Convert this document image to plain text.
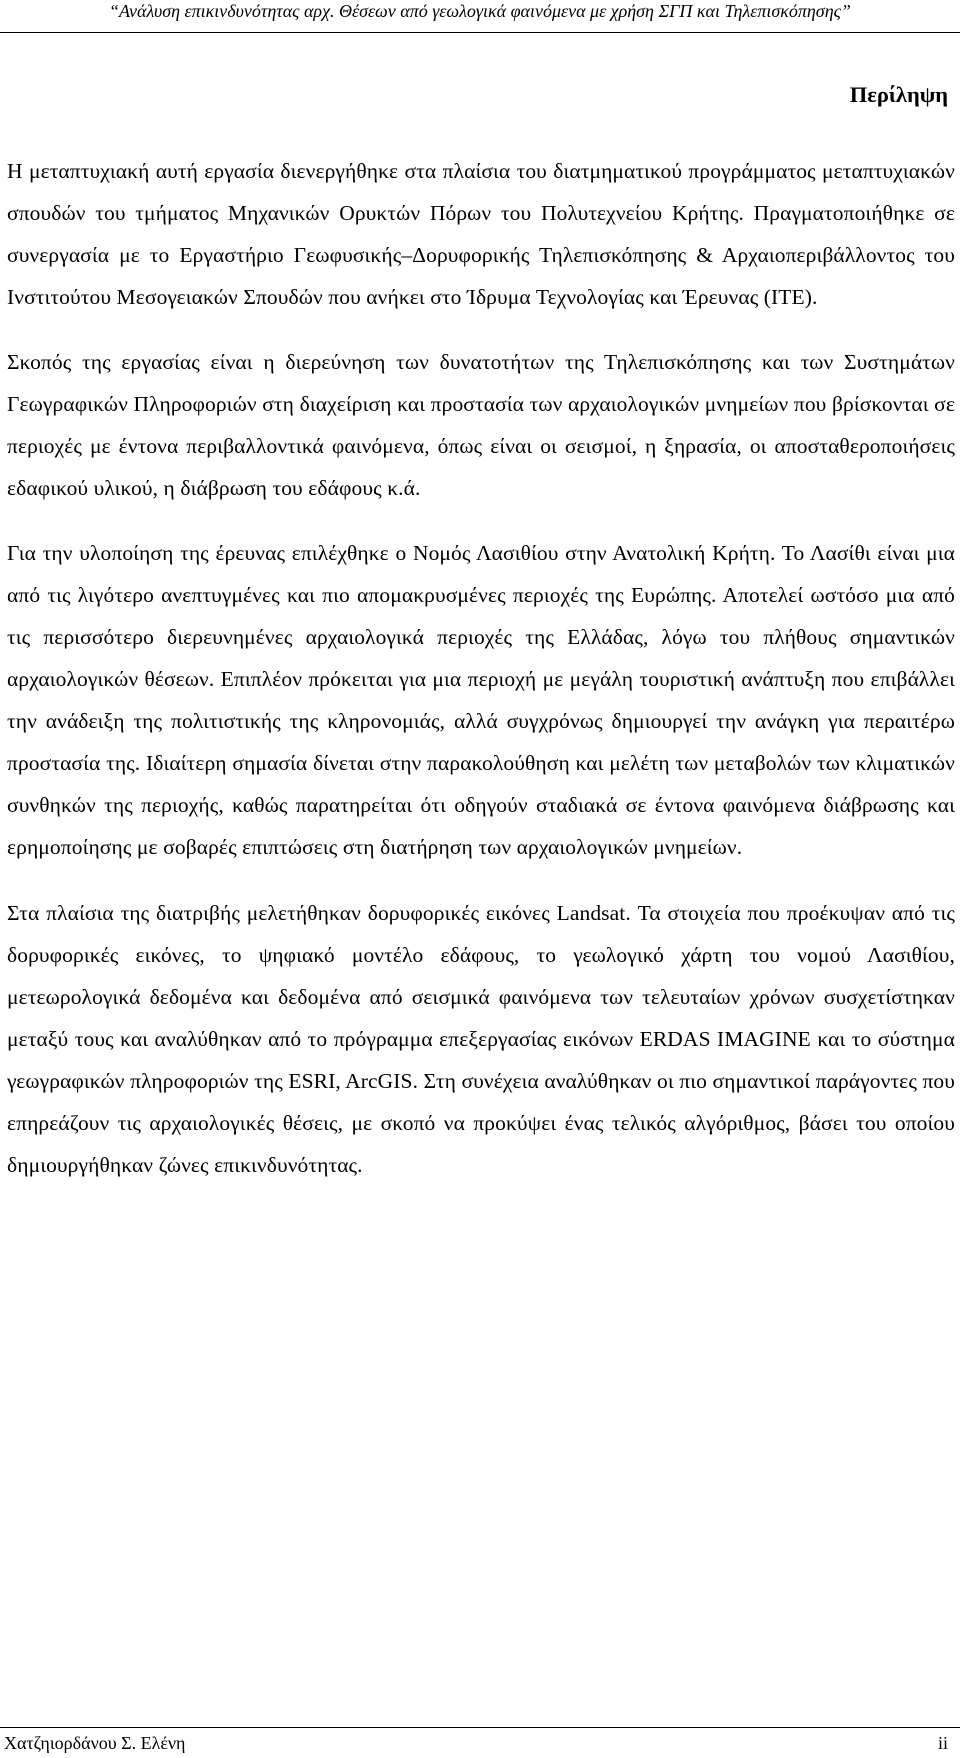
“Ανάλυση επικινδυνότητας αρχ. Θέσεων από γεωλογικά φαινόμενα με χρήση ΣΓΠ και Τηλεπισκόπησης”
Περίληψη

Η μεταπτυχιακή αυτή εργασία διενεργήθηκε στα πλαίσια του διατμηματικού προγράμματος μεταπτυχιακών σπουδών του τμήματος Μηχανικών Ορυκτών Πόρων του Πολυτεχνείου Κρήτης. Πραγματοποιήθηκε σε συνεργασία με το Εργαστήριο Γεωφυσικής–Δορυφορικής Τηλεπισκόπησης & Αρχαιοπεριβάλλοντος του Ινστιτούτου Μεσογειακών Σπουδών που ανήκει στο Ίδρυμα Τεχνολογίας και Έρευνας (ΙΤΕ).

Σκοπός της εργασίας είναι η διερεύνηση των δυνατοτήτων της Τηλεπισκόπησης και των Συστημάτων Γεωγραφικών Πληροφοριών στη διαχείριση και προστασία των αρχαιολογικών μνημείων που βρίσκονται σε περιοχές με έντονα περιβαλλοντικά φαινόμενα, όπως είναι οι σεισμοί, η ξηρασία, οι αποσταθεροποιήσεις εδαφικού υλικού, η διάβρωση του εδάφους κ.ά.

Για την υλοποίηση της έρευνας επιλέχθηκε ο Νομός Λασιθίου στην Ανατολική Κρήτη. Το Λασίθι είναι μια από τις λιγότερο ανεπτυγμένες και πιο απομακρυσμένες περιοχές της Ευρώπης. Αποτελεί ωστόσο μια από τις περισσότερο διερευνημένες αρχαιολογικά περιοχές της Ελλάδας, λόγω του πλήθους σημαντικών αρχαιολογικών θέσεων. Επιπλέον πρόκειται για μια περιοχή με μεγάλη τουριστική ανάπτυξη που επιβάλλει την ανάδειξη της πολιτιστικής της κληρονομιάς, αλλά συγχρόνως δημιουργεί την ανάγκη για περαιτέρω προστασία της. Ιδιαίτερη σημασία δίνεται στην παρακολούθηση και μελέτη των μεταβολών των κλιματικών συνθηκών της περιοχής, καθώς παρατηρείται ότι οδηγούν σταδιακά σε έντονα φαινόμενα διάβρωσης και ερημοποίησης με σοβαρές επιπτώσεις στη διατήρηση των αρχαιολογικών μνημείων.

Στα πλαίσια της διατριβής μελετήθηκαν δορυφορικές εικόνες Landsat. Τα στοιχεία που προέκυψαν από τις δορυφορικές εικόνες, το ψηφιακό μοντέλο εδάφους, το γεωλογικό χάρτη του νομού Λασιθίου, μετεωρολογικά δεδομένα και δεδομένα από σεισμικά φαινόμενα των τελευταίων χρόνων συσχετίστηκαν μεταξύ τους και αναλύθηκαν από το πρόγραμμα επεξεργασίας εικόνων ERDAS IMAGINE και το σύστημα γεωγραφικών πληροφοριών της ESRI, ArcGIS. Στη συνέχεια αναλύθηκαν οι πιο σημαντικοί παράγοντες που επηρεάζουν τις αρχαιολογικές θέσεις, με σκοπό να προκύψει ένας τελικός αλγόριθμος, βάσει του οποίου δημιουργήθηκαν ζώνες επικινδυνότητας.

Χατζηιορδάνου Σ. Ελένη	ii
